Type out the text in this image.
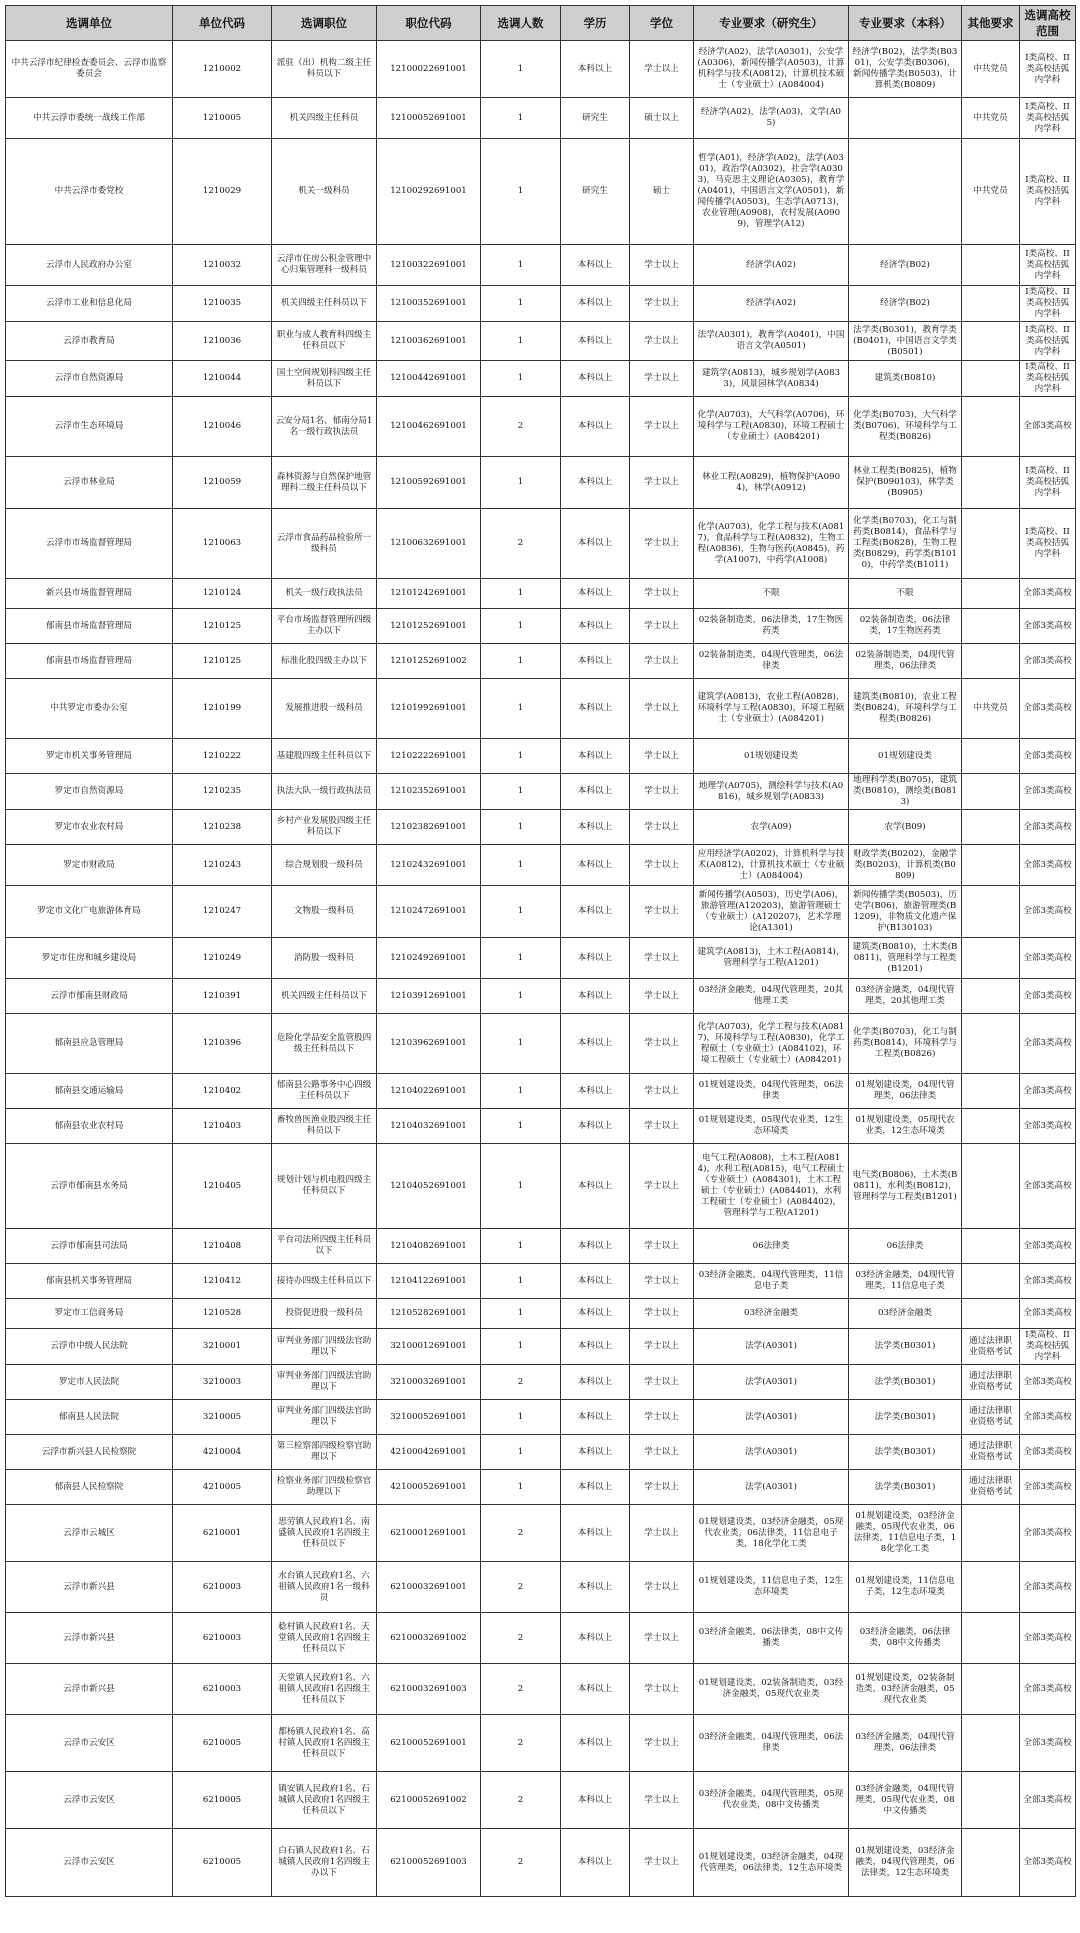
选调单位	单位代码	选调职位	职位代码	选调人数	学历	学位	专业要求（研究生）	专业要求（本科）	其他要求	选调高校范围
中共云浮市纪律检查委员会、云浮市监察委员会	1210002	派驻（出）机构二级主任科员以下	12100022691001	1	本科以上	学士以上	经济学(A02)，法学(A0301)，公安学(A0306)，新闻传播学(A0503)，计算机科学与技术(A0812)，计算机技术硕士（专业硕士）(A084004)	经济学(B02)，法学类(B0301)，公安学类(B0306)，新闻传播学类(B0503)，计算机类(B0809)	中共党员	I类高校、II类高校括弧内学科
中共云浮市委统一战线工作部	1210005	机关四级主任科员	12100052691001	1	研究生	硕士以上	经济学(A02)，法学(A03)，文学(A05)		中共党员	I类高校、II类高校括弧内学科
中共云浮市委党校	1210029	机关一级科员	12100292691001	1	研究生	硕士	哲学(A01)，经济学(A02)，法学(A0301)，政治学(A0302)，社会学(A0303)，马克思主义理论(A0305)，教育学(A0401)，中国语言文学(A0501)，新闻传播学(A0503)，生态学(A0713)，农业管理(A0908)，农村发展(A0909)，管理学(A12)		中共党员	I类高校、II类高校括弧内学科
云浮市人民政府办公室	1210032	云浮市住房公积金管理中心归集管理科一级科员	12100322691001	1	本科以上	学士以上	经济学(A02)	经济学(B02)		I类高校、II类高校括弧内学科
云浮市工业和信息化局	1210035	机关四级主任科员以下	12100352691001	1	本科以上	学士以上	经济学(A02)	经济学(B02)		I类高校、II类高校括弧内学科
云浮市教育局	1210036	职业与成人教育科四级主任科员以下	12100362691001	1	本科以上	学士以上	法学(A0301)，教育学(A0401)，中国语言文学(A0501)	法学类(B0301)，教育学类(B0401)，中国语言文学类(B0501)		I类高校、II类高校括弧内学科
云浮市自然资源局	1210044	国土空间规划科四级主任科员以下	12100442691001	1	本科以上	学士以上	建筑学(A0813)，城乡规划学(A0833)，风景园林学(A0834)	建筑类(B0810)		I类高校、II类高校括弧内学科
云浮市生态环境局	1210046	云安分局1名、郁南分局1名一级行政执法员	12100462691001	2	本科以上	学士以上	化学(A0703)，大气科学(A0706)，环境科学与工程(A0830)，环境工程硕士（专业硕士）(A084201)	化学类(B0703)，大气科学类(B0706)，环境科学与工程类(B0826)		全部3类高校
云浮市林业局	1210059	森林资源与自然保护地管理科二级主任科员以下	12100592691001	1	本科以上	学士以上	林业工程(A0829)，植物保护(A0904)，林学(A0912)	林业工程类(B0825)，植物保护(B090103)，林学类(B0905)		I类高校、II类高校括弧内学科
云浮市市场监督管理局	1210063	云浮市食品药品检验所一级科员	12100632691001	2	本科以上	学士以上	化学(A0703)，化学工程与技术(A0817)，食品科学与工程(A0832)，生物工程(A0836)，生物与医药(A0845)，药学(A1007)，中药学(A1008)	化学类(B0703)，化工与制药类(B0814)，食品科学与工程类(B0828)，生物工程类(B0829)，药学类(B1010)，中药学类(B1011)		I类高校、II类高校括弧内学科
新兴县市场监督管理局	1210124	机关一级行政执法员	12101242691001	1	本科以上	学士以上	不限	不限		全部3类高校
郁南县市场监督管理局	1210125	平台市场监督管理所四级主办以下	12101252691001	1	本科以上	学士以上	02装备制造类，06法律类，17生物医药类	02装备制造类，06法律类，17生物医药类		全部3类高校
郁南县市场监督管理局	1210125	标准化股四级主办以下	12101252691002	1	本科以上	学士以上	02装备制造类，04现代管理类，06法律类	02装备制造类，04现代管理类，06法律类		全部3类高校
中共罗定市委办公室	1210199	发展推进股一级科员	12101992691001	1	本科以上	学士以上	建筑学(A0813)，农业工程(A0828)，环境科学与工程(A0830)，环境工程硕士（专业硕士）(A084201)	建筑类(B0810)，农业工程类(B0824)，环境科学与工程类(B0826)	中共党员	全部3类高校
罗定市机关事务管理局	1210222	基建股四级主任科员以下	12102222691001	1	本科以上	学士以上	01规划建设类	01规划建设类		全部3类高校
罗定市自然资源局	1210235	执法大队一级行政执法员	12102352691001	1	本科以上	学士以上	地理学(A0705)，测绘科学与技术(A0816)，城乡规划学(A0833)	地理科学类(B0705)，建筑类(B0810)，测绘类(B0813)		全部3类高校
罗定市农业农村局	1210238	乡村产业发展股四级主任科员以下	12102382691001	1	本科以上	学士以上	农学(A09)	农学(B09)		全部3类高校
罗定市财政局	1210243	综合规划股一级科员	12102432691001	1	本科以上	学士以上	应用经济学(A0202)，计算机科学与技术(A0812)，计算机技术硕士（专业硕士）(A084004)	财政学类(B0202)，金融学类(B0203)，计算机类(B0809)		全部3类高校
罗定市文化广电旅游体育局	1210247	文物股一级科员	12102472691001	1	本科以上	学士以上	新闻传播学(A0503)，历史学(A06)，旅游管理(A120203)，旅游管理硕士（专业硕士）(A120207)，艺术学理论(A1301)	新闻传播学类(B0503)，历史学(B06)，旅游管理类(B1209)，非物质文化遗产保护(B130103)		全部3类高校
罗定市住房和城乡建设局	1210249	消防股一级科员	12102492691001	1	本科以上	学士以上	建筑学(A0813)，土木工程(A0814)，管理科学与工程(A1201)	建筑类(B0810)，土木类(B0811)，管理科学与工程类(B1201)		全部3类高校
云浮市郁南县财政局	1210391	机关四级主任科员以下	12103912691001	1	本科以上	学士以上	03经济金融类，04现代管理类，20其他理工类	03经济金融类，04现代管理类，20其他理工类		全部3类高校
郁南县应急管理局	1210396	危险化学品安全监管股四级主任科员以下	12103962691001	1	本科以上	学士以上	化学(A0703)，化学工程与技术(A0817)，环境科学与工程(A0830)，化学工程硕士（专业硕士）(A084102)，环境工程硕士（专业硕士）(A084201)	化学类(B0703)，化工与制药类(B0814)，环境科学与工程类(B0826)		全部3类高校
郁南县交通运输局	1210402	郁南县公路事务中心四级主任科员以下	12104022691001	1	本科以上	学士以上	01规划建设类，04现代管理类，06法律类	01规划建设类，04现代管理类，06法律类		全部3类高校
郁南县农业农村局	1210403	畜牧兽医渔业股四级主任科员以下	12104032691001	1	本科以上	学士以上	01规划建设类，05现代农业类，12生态环境类	01规划建设类，05现代农业类，12生态环境类		全部3类高校
云浮市郁南县水务局	1210405	规划计划与机电股四级主任科员以下	12104052691001	1	本科以上	学士以上	电气工程(A0808)，土木工程(A0814)，水利工程(A0815)，电气工程硕士（专业硕士）(A084301)，土木工程硕士（专业硕士）(A084401)，水利工程硕士（专业硕士）(A084402)，管理科学与工程(A1201)	电气类(B0806)，土木类(B0811)，水利类(B0812)，管理科学与工程类(B1201)		全部3类高校
云浮市郁南县司法局	1210408	平台司法所四级主任科员以下	12104082691001	1	本科以上	学士以上	06法律类	06法律类		全部3类高校
郁南县机关事务管理局	1210412	接待办四级主任科员以下	12104122691001	1	本科以上	学士以上	03经济金融类，04现代管理类，11信息电子类	03经济金融类，04现代管理类，11信息电子类		全部3类高校
罗定市工信商务局	1210528	投资促进股一级科员	12105282691001	1	本科以上	学士以上	03经济金融类	03经济金融类		全部3类高校
云浮市中级人民法院	3210001	审判业务部门四级法官助理以下	32100012691001	1	本科以上	学士以上	法学(A0301)	法学类(B0301)	通过法律职业资格考试	I类高校、II类高校括弧内学科
罗定市人民法院	3210003	审判业务部门四级法官助理以下	32100032691001	2	本科以上	学士以上	法学(A0301)	法学类(B0301)	通过法律职业资格考试	全部3类高校
郁南县人民法院	3210005	审判业务部门四级法官助理以下	32100052691001	1	本科以上	学士以上	法学(A0301)	法学类(B0301)	通过法律职业资格考试	全部3类高校
云浮市新兴县人民检察院	4210004	第三检察部四级检察官助理以下	42100042691001	1	本科以上	学士以上	法学(A0301)	法学类(B0301)	通过法律职业资格考试	全部3类高校
郁南县人民检察院	4210005	检察业务部门四级检察官助理以下	42100052691001	1	本科以上	学士以上	法学(A0301)	法学类(B0301)	通过法律职业资格考试	全部3类高校
云浮市云城区	6210001	思劳镇人民政府1名、南盛镇人民政府1名四级主任科员以下	62100012691001	2	本科以上	学士以上	01规划建设类，03经济金融类，05现代农业类，06法律类，11信息电子类，18化学化工类	01规划建设类，03经济金融类，05现代农业类，06法律类，11信息电子类，18化学化工类		全部3类高校
云浮市新兴县	6210003	水台镇人民政府1名、六祖镇人民政府1名一级科员	62100032691001	2	本科以上	学士以上	01规划建设类，11信息电子类，12生态环境类	01规划建设类，11信息电子类，12生态环境类		全部3类高校
云浮市新兴县	6210003	稔村镇人民政府1名、天堂镇人民政府1名四级主任科员以下	62100032691002	2	本科以上	学士以上	03经济金融类，06法律类，08中文传播类	03经济金融类，06法律类，08中文传播类		全部3类高校
云浮市新兴县	6210003	天堂镇人民政府1名、六祖镇人民政府1名四级主任科员以下	62100032691003	2	本科以上	学士以上	01规划建设类，02装备制造类，03经济金融类，05现代农业类	01规划建设类，02装备制造类，03经济金融类，05现代农业类		全部3类高校
云浮市云安区	6210005	都杨镇人民政府1名、高村镇人民政府1名四级主任科员以下	62100052691001	2	本科以上	学士以上	03经济金融类，04现代管理类，06法律类	03经济金融类，04现代管理类，06法律类		全部3类高校
云浮市云安区	6210005	镇安镇人民政府1名、石城镇人民政府1名四级主任科员以下	62100052691002	2	本科以上	学士以上	03经济金融类，04现代管理类，05现代农业类，08中文传播类	03经济金融类，04现代管理类，05现代农业类，08中文传播类		全部3类高校
云浮市云安区	6210005	白石镇人民政府1名、石城镇人民政府1名四级主办以下	62100052691003	2	本科以上	学士以上	01规划建设类，03经济金融类，04现代管理类，06法律类，12生态环境类	01规划建设类，03经济金融类，04现代管理类，06法律类，12生态环境类		全部3类高校
